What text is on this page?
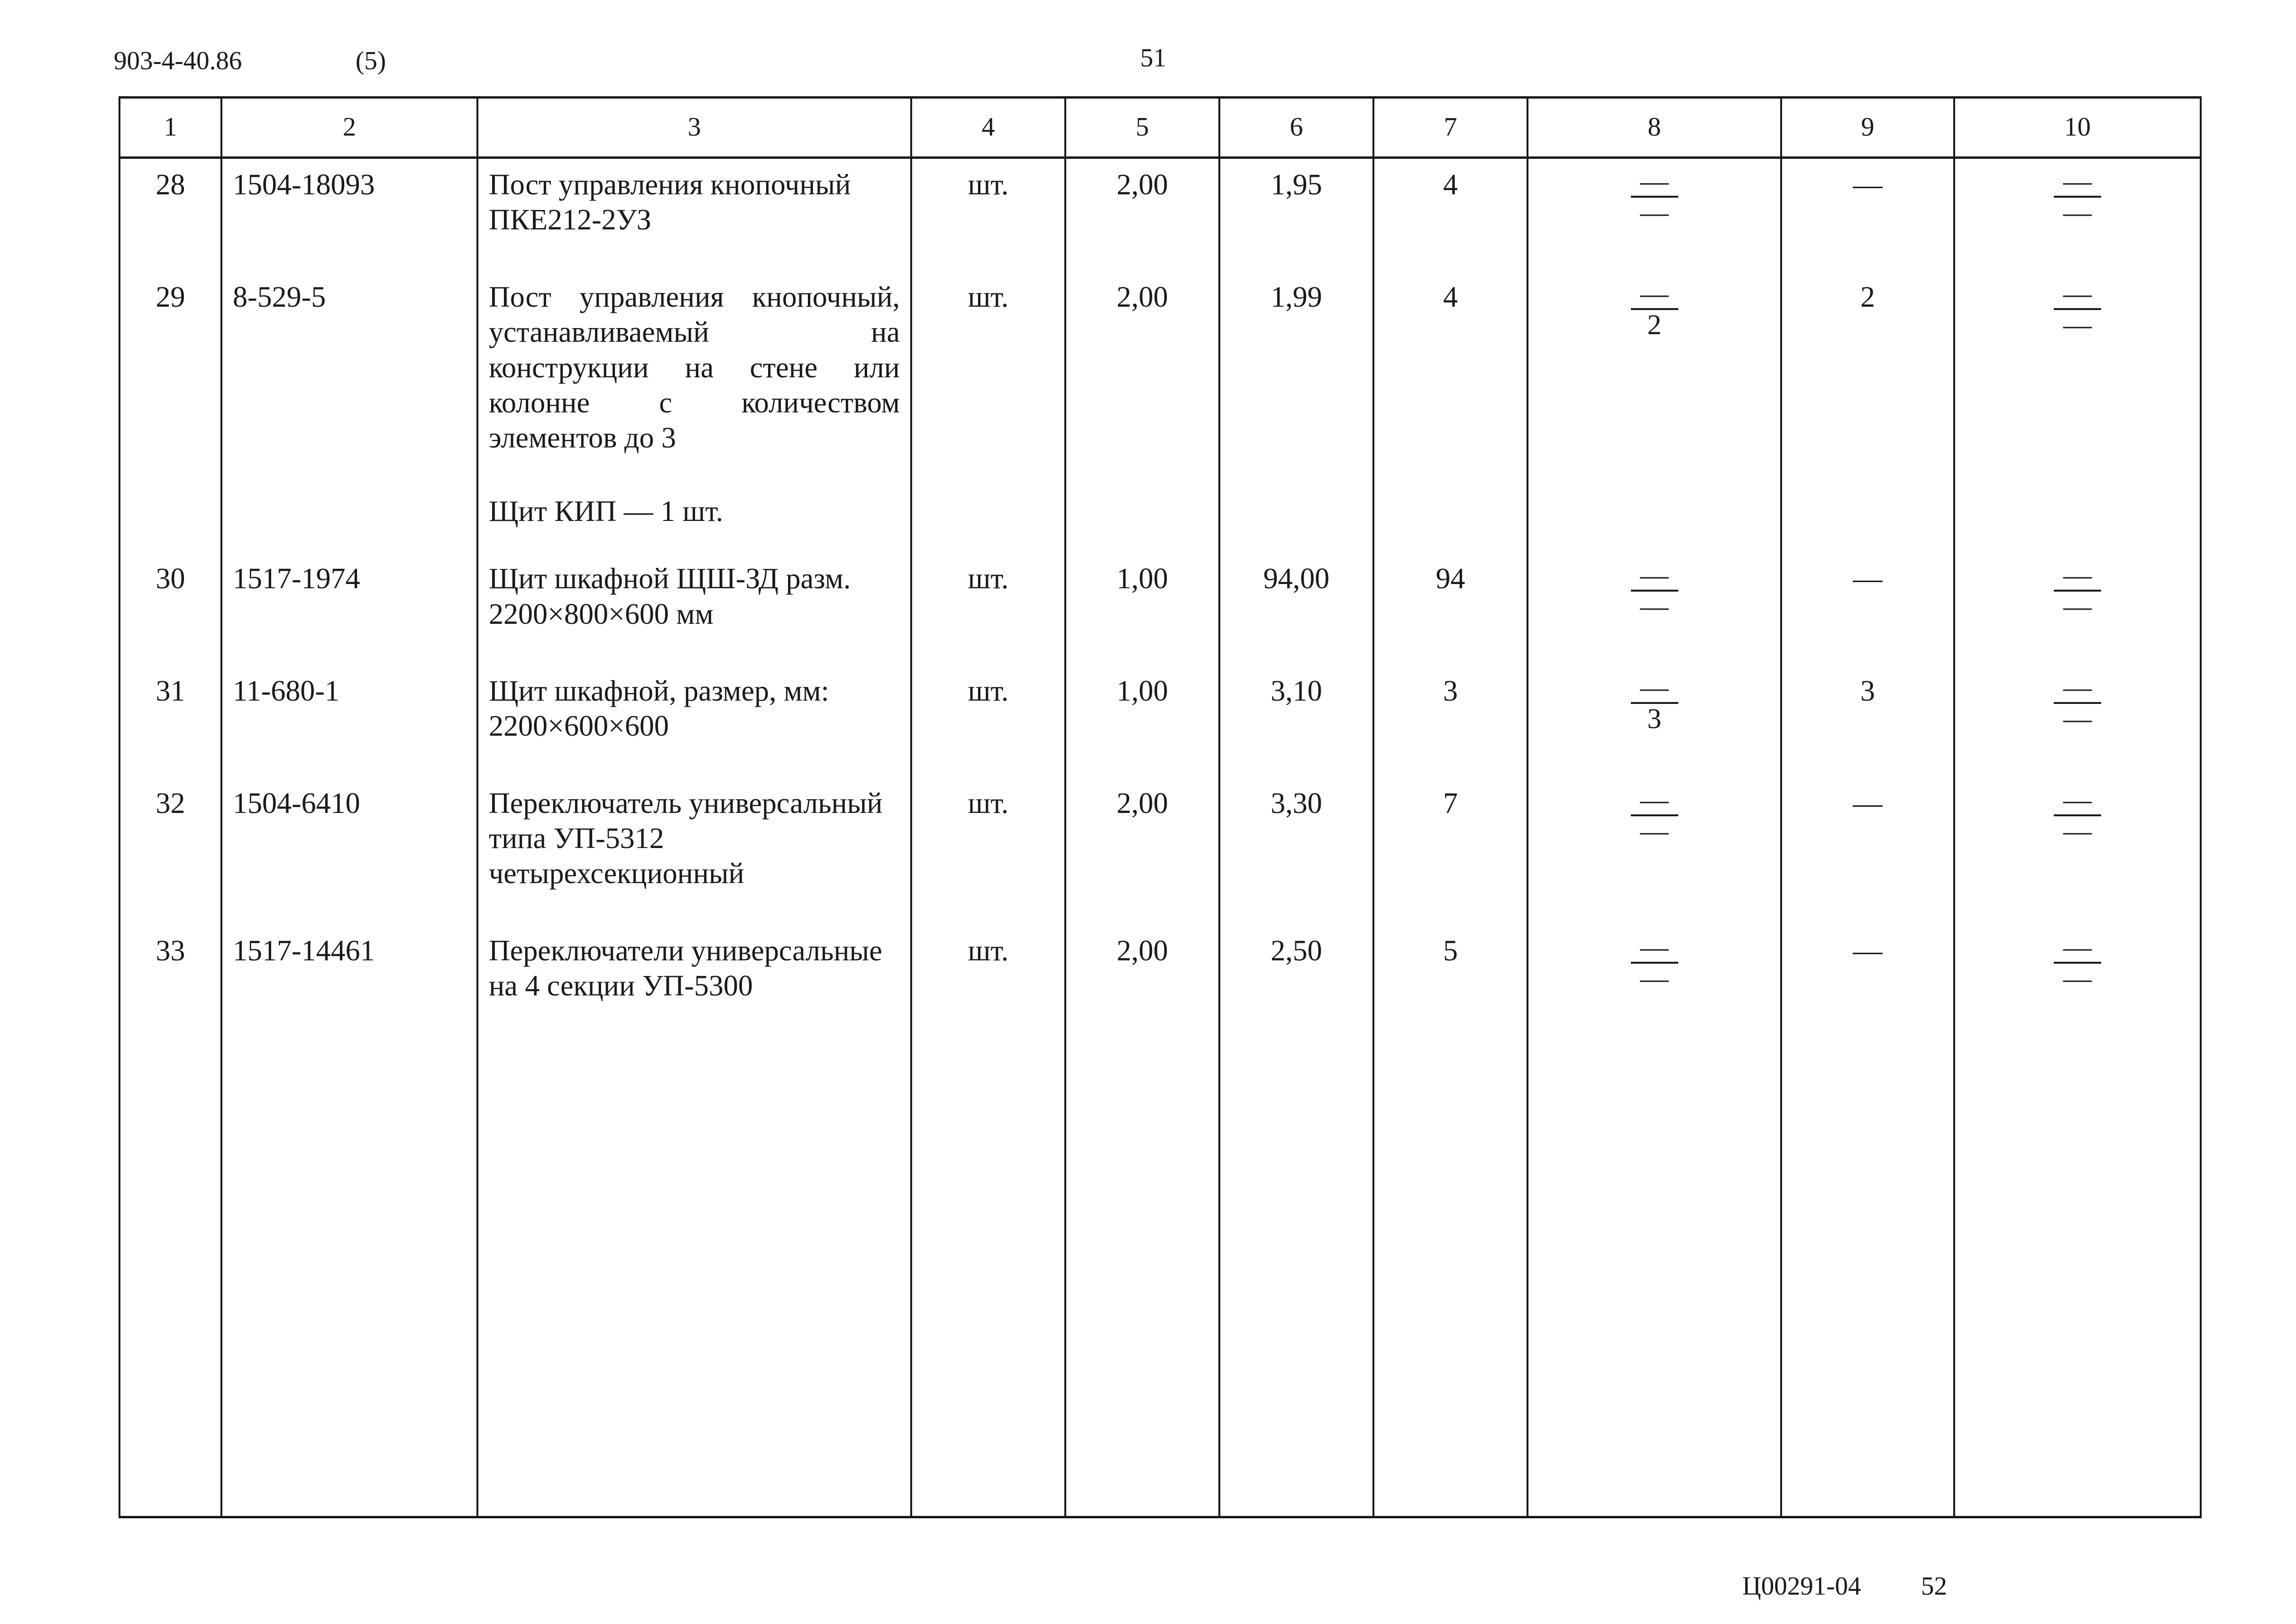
903-4-40.86	(5)	51
1	2	3	4	5	6	7	8	9	10
28	1504-18093	Пост управления кнопочный ПКЕ212-2УЗ	шт.	2,00	1,95	4	$\frac{—}{—}$	—	$\frac{—}{—}$

29	8-529-5	Пост управления кнопочный, устанавливаемый на конструкции на стене или колонне с количеством элементов до 3
Щит КИП — 1 шт.	шт.	2,00	1,99	4	$\frac{—}{2}$	2	$\frac{—}{—}$

30	1517-1974	Щит шкафной ЩШ-ЗД разм. 2200×800×600 мм	шт.	1,00	94,00	94	$\frac{—}{—}$	—	$\frac{—}{—}$

31	11-680-1	Щит шкафной, размер, мм: 2200×600×600	шт.	1,00	3,10	3	$\frac{—}{3}$	3	$\frac{—}{—}$

32	1504-6410	Переключатель универсальный типа УП-5312 четырехсекционный	шт.	2,00	3,30	7	$\frac{—}{—}$	—	$\frac{—}{—}$

33	1517-14461	Переключатели универсальные на 4 секции УП-5300	шт.	2,00	2,50	5	$\frac{—}{—}$	—	$\frac{—}{—}$

Ц00291-04 52
